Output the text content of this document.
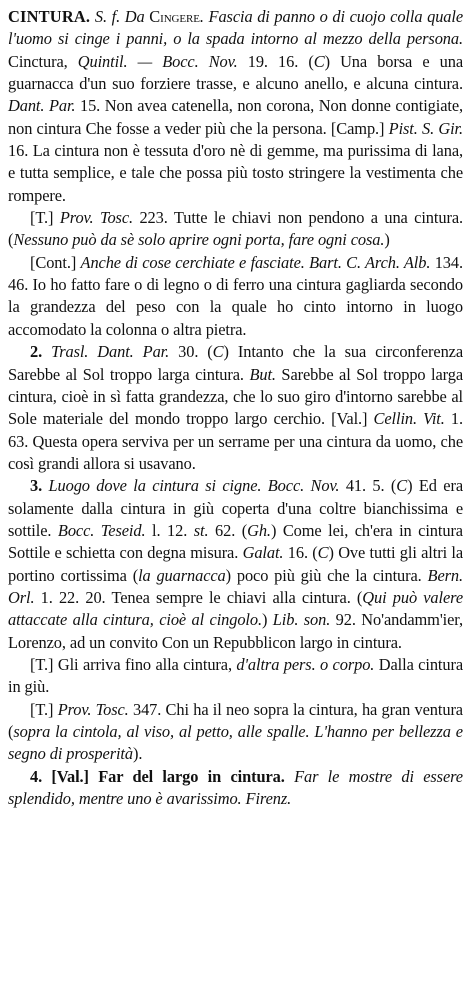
CINTURA. S. f. Da Cingere. Fascia di panno o di cuojo colla quale l'uomo si cinge i panni, o la spada intorno al mezzo della persona. Cinctura, Quintil. — Bocc. Nov. 19. 16. (C) Una borsa e una guarnacca d'un suo forziere trasse, e alcuno anello, e alcuna cintura. Dant. Par. 15. Non avea catenella, non corona, Non donne contigiate, non cintura Che fosse a veder più che la persona. [Camp.] Pist. S. Gir. 16. La cintura non è tessuta d'oro nè di gemme, ma purissima di lana, e tutta semplice, e tale che possa più tosto stringere la vestimenta che rompere.

[T.] Prov. Tosc. 223. Tutte le chiavi non pendono a una cintura. (Nessuno può da sè solo aprire ogni porta, fare ogni cosa.)

[Cont.] Anche di cose cerchiate e fasciate. Bart. C. Arch. Alb. 134. 46. Io ho fatto fare o di legno o di ferro una cintura gagliarda secondo la grandezza del peso con la quale ho cinto intorno in luogo accomodato la colonna o altra pietra.

2. Trasl. Dant. Par. 30. (C) Intanto che la sua circonferenza Sarebbe al Sol troppo larga cintura. But. Sarebbe al Sol troppo larga cintura, cioè in sì fatta grandezza, che lo suo giro d'intorno sarebbe al Sole materiale del mondo troppo largo cerchio. [Val.] Cellin. Vit. 1. 63. Questa opera serviva per un serrame per una cintura da uomo, che così grandi allora si usavano.

3. Luogo dove la cintura si cigne. Bocc. Nov. 41. 5. (C) Ed era solamente dalla cintura in giù coperta d'una coltre bianchissima e sottile. Bocc. Teseid. l. 12. st. 62. (Gh.) Come lei, ch'era in cintura Sottile e schietta con degna misura. Galat. 16. (C) Ove tutti gli altri la portino cortissima (la guarnacca) poco più giù che la cintura. Bern. Orl. 1. 22. 20. Tenea sempre le chiavi alla cintura. (Qui può valere attaccate alla cintura, cioè al cingolo.) Lib. son. 92. No'andamm'ier, Lorenzo, ad un convito Con un Repubblicon largo in cintura.

[T.] Gli arriva fino alla cintura, d'altra pers. o corpo. Dalla cintura in giù.

[T.] Prov. Tosc. 347. Chi ha il neo sopra la cintura, ha gran ventura (sopra la cintola, al viso, al petto, alle spalle. L'hanno per bellezza e segno di prosperità).

4. [Val.] Far del largo in cintura. Far le mostre di essere splendido, mentre uno è avarissimo. Firenz.
